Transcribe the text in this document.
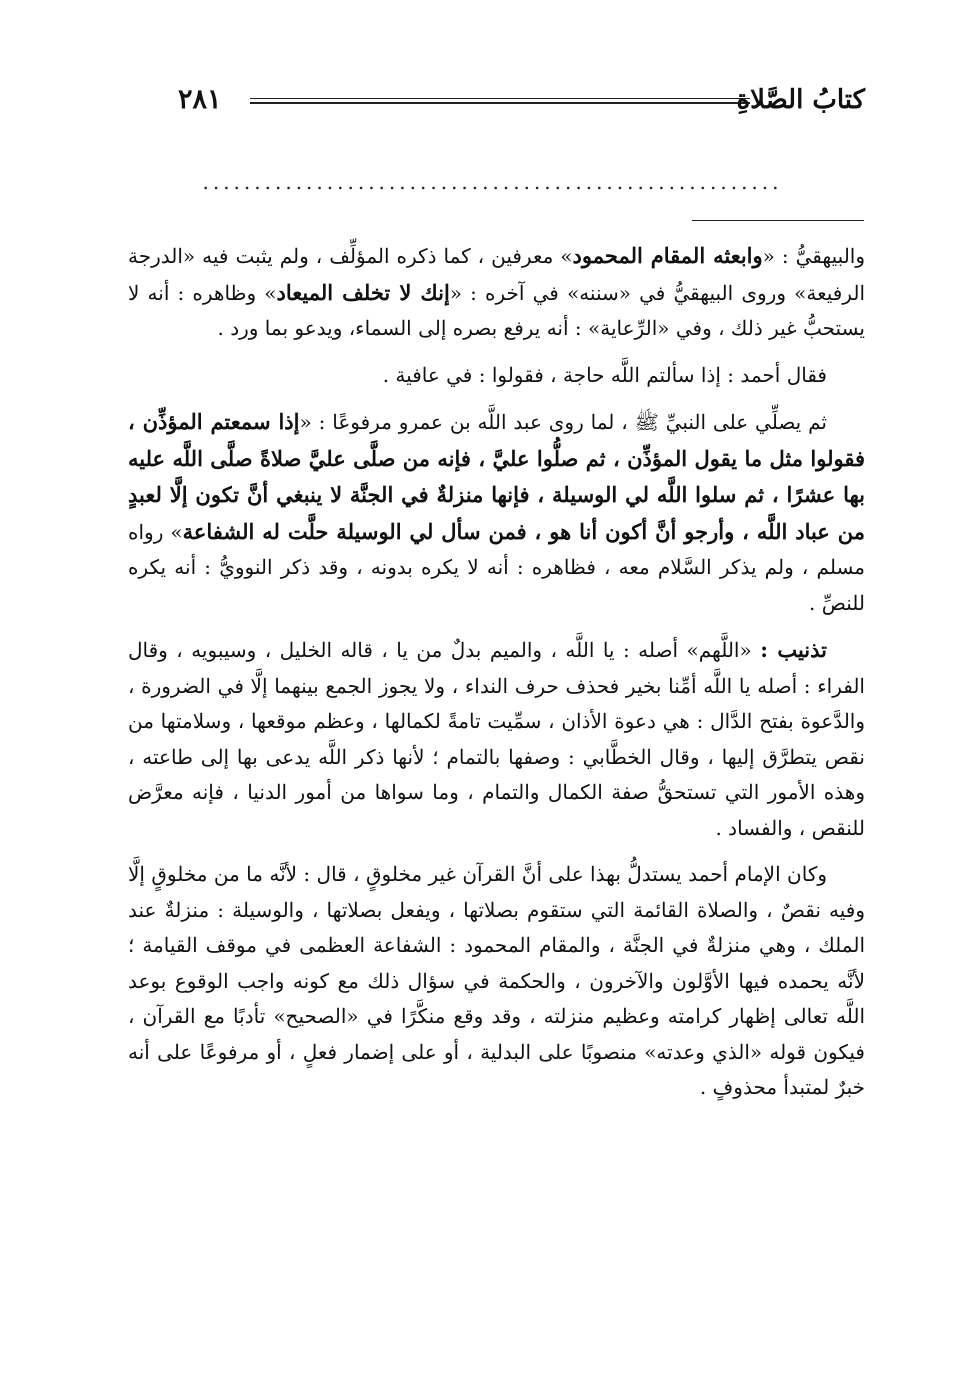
٢٨١	كتابُ الصَّلاةِ
........................................................

والبيهقيُّ : «وابعثه المقام المحمود» معرفين ، كما ذكره المؤلِّف ، ولم يثبت فيه «الدرجة الرفيعة» وروى البيهقيُّ في «سننه» في آخره : «إنك لا تخلف الميعاد» وظاهره : أنه لا يستحبُّ غير ذلك ، وفي «الرِّعاية» : أنه يرفع بصره إلى السماء، ويدعو بما ورد .

فقال أحمد : إذا سألتم اللَّه حاجة ، فقولوا : في عافية .

ثم يصلِّي على النبيِّ ﷺ ، لما روى عبد اللَّه بن عمرو مرفوعًا : «إذا سمعتم المؤذِّن ، فقولوا مثل ما يقول المؤذِّن ، ثم صلُّوا عليَّ ، فإنه من صلَّى عليَّ صلاةً صلَّى اللَّه عليه بها عشرًا ، ثم سلوا اللَّه لي الوسيلة ، فإنها منزلةٌ في الجنَّة لا ينبغي أنَّ تكون إلَّا لعبدٍ من عباد اللَّه ، وأرجو أنَّ أكون أنا هو ، فمن سأل لي الوسيلة حلَّت له الشفاعة» رواه مسلم ، ولم يذكر السَّلام معه ، فظاهره : أنه لا يكره بدونه ، وقد ذكر النوويُّ : أنه يكره للنصِّ .

تذنيب : «اللَّهم» أصله : يا اللَّه ، والميم بدلٌ من يا ، قاله الخليل ، وسيبويه ، وقال الفراء : أصله يا اللَّه أمِّنا بخير فحذف حرف النداء ، ولا يجوز الجمع بينهما إلَّا في الضرورة ، والدَّعوة بفتح الدَّال : هي دعوة الأذان ، سمِّيت تامةً لكمالها ، وعظم موقعها ، وسلامتها من نقص يتطرَّق إليها ، وقال الخطَّابي : وصفها بالتمام ؛ لأنها ذكر اللَّه يدعى بها إلى طاعته ، وهذه الأمور التي تستحقُّ صفة الكمال والتمام ، وما سواها من أمور الدنيا ، فإنه معرَّض للنقص ، والفساد .

وكان الإمام أحمد يستدلُّ بهذا على أنَّ القرآن غير مخلوقٍ ، قال : لأنَّه ما من مخلوقٍ إلَّا وفيه نقصٌ ، والصلاة القائمة التي ستقوم بصلاتها ، ويفعل بصلاتها ، والوسيلة : منزلةٌ عند الملك ، وهي منزلةٌ في الجنَّة ، والمقام المحمود : الشفاعة العظمى في موقف القيامة ؛ لأنَّه يحمده فيها الأوَّلون والآخرون ، والحكمة في سؤال ذلك مع كونه واجب الوقوع بوعد اللَّه تعالى إظهار كرامته وعظيم منزلته ، وقد وقع منكَّرًا في «الصحيح» تأدبًا مع القرآن ، فيكون قوله «الذي وعدته» منصوبًا على البدلية ، أو على إضمار فعلٍ ، أو مرفوعًا على أنه خبرٌ لمتبدأ محذوفٍ .
